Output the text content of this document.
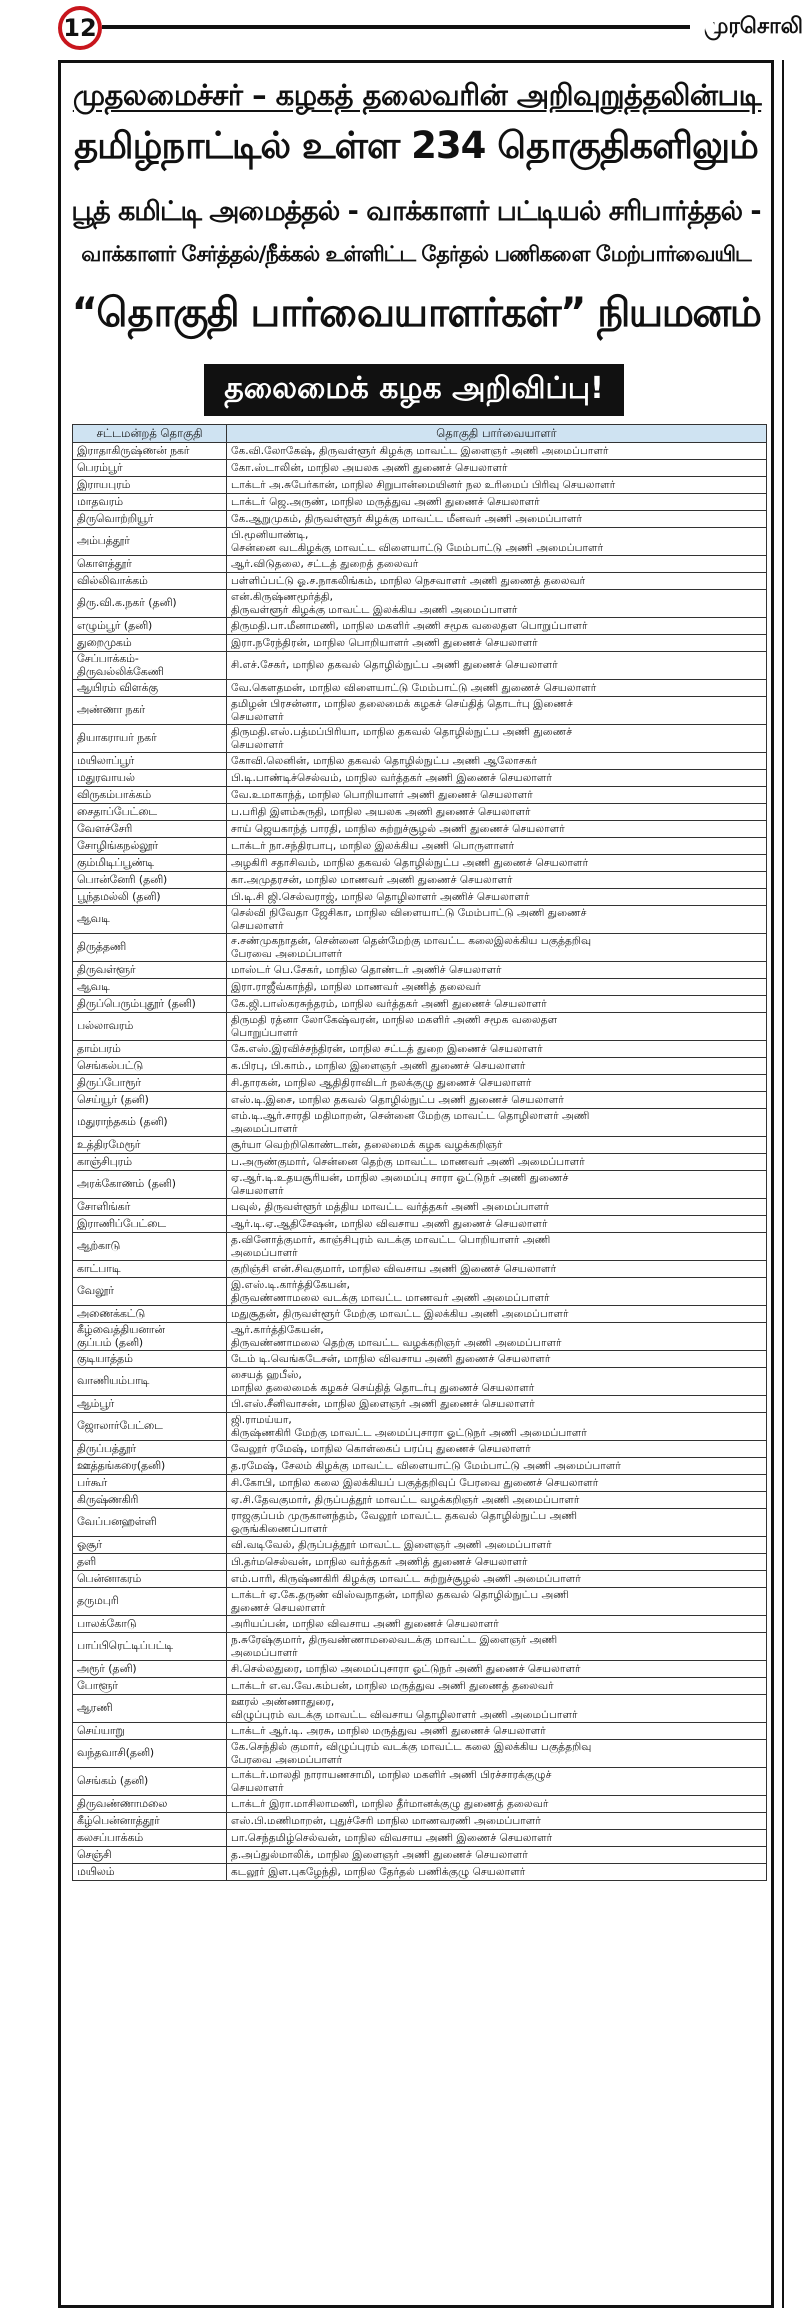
12	முரசொலி
முதலமைச்சர் – கழகத் தலைவரின் அறிவுறுத்தலின்படி
தமிழ்நாட்டில் உள்ள 234 தொகுதிகளிலும்
பூத் கமிட்டி அமைத்தல் - வாக்காளர் பட்டியல் சரிபார்த்தல் -
வாக்காளர் சேர்த்தல்/நீக்கல் உள்ளிட்ட தேர்தல் பணிகளை மேற்பார்வையிட
“தொகுதி பார்வையாளர்கள்” நியமனம்
தலைமைக் கழக அறிவிப்பு!
சட்டமன்றத் தொகுதி	தொகுதி பார்வையாளர்
இராதாகிருஷ்ணன் நகர்	கே.வி.லோகேஷ், திருவள்ளூர் கிழக்கு மாவட்ட இளைஞர் அணி அமைப்பாளர்
பெரம்பூர்	கோ.ஸ்டாலின், மாநில அயலக அணி துணைச் செயலாளர்
இராயபுரம்	டாக்டர் அ.சுபேர்கான், மாநில சிறுபான்மையினர் நல உரிமைப் பிரிவு செயலாளர்
மாதவரம்	டாக்டர் ஜெ.அருண், மாநில மருத்துவ அணி துணைச் செயலாளர்
திருவொற்றியூர்	கே.ஆறுமுகம், திருவள்ளூர் கிழக்கு மாவட்ட மீனவர் அணி அமைப்பாளர்
அம்பத்தூர்	பி.மூனியாண்டி,
சென்னை வடகிழக்கு மாவட்ட விளையாட்டு மேம்பாட்டு அணி அமைப்பாளர்
கொளத்தூர்	ஆர்.விடுதலை, சட்டத் துறைத் தலைவர்
வில்லிவாக்கம்	பள்ளிப்பட்டு ஓ.ச.நாகலிங்கம், மாநில நெசவாளர் அணி துணைத் தலைவர்
திரு.வி.க.நகர் (தனி)	என்.கிருஷ்ணமூர்த்தி,
திருவள்ளூர் கிழக்கு மாவட்ட இலக்கிய அணி அமைப்பாளர்
எழும்பூர் (தனி)	திருமதி.பா.மீனாமணி, மாநில மகளிர் அணி சமூக வலைதள பொறுப்பாளர்
துறைமுகம்	இரா.நரேந்திரன், மாநில பொறியாளர் அணி துணைச் செயலாளர்
சேப்பாக்கம்-
திருவல்லிக்கேணி	சி.எச்.சேகர், மாநில தகவல் தொழில்நுட்ப அணி துணைச் செயலாளர்
ஆயிரம் விளக்கு	வே.கௌதமன், மாநில விளையாட்டு மேம்பாட்டு அணி துணைச் செயலாளர்
அண்ணா நகர்	தமிழன் பிரசன்னா, மாநில தலைமைக் கழகச் செய்தித் தொடர்பு இணைச்
செயலாளர்
தியாகராயர் நகர்	திருமதி.எஸ்.பத்மப்பிரியா, மாநில தகவல் தொழில்நுட்ப அணி துணைச்
செயலாளர்
மயிலாப்பூர்	கோவி.லெனின், மாநில தகவல் தொழில்நுட்ப அணி ஆலோசகர்
மதுரவாயல்	பி.டி.பாண்டிச்செல்வம், மாநில வர்த்தகர் அணி இணைச் செயலாளர்
விருகம்பாக்கம்	வே.உமாகாந்த், மாநில பொறியாளர் அணி துணைச் செயலாளர்
சைதாப்பேட்டை	ப.பரிதி இளம்சுருதி, மாநில அயலக அணி துணைச் செயலாளர்
வேளச்சேரி	சாய் ஜெயகாந்த் பாரதி, மாநில சுற்றுச்சூழல் அணி துணைச் செயலாளர்
சோழிங்கநல்லூர்	டாக்டர் நா.சந்திரபாபு, மாநில இலக்கிய அணி பொருளாளர்
கும்மிடிப்பூண்டி	அழகிரி சதாசிவம், மாநில தகவல் தொழில்நுட்ப அணி துணைச் செயலாளர்
பொன்னேரி (தனி)	கா.அமுதரசன், மாநில மாணவர் அணி துணைச் செயலாளர்
பூந்தமல்லி (தனி)	பி.டி.சி ஜி.செல்வராஜ், மாநில தொழிலாளர் அணிச் செயலாளர்
ஆவடி	செல்வி நிவேதா ஜேசிகா, மாநில விளையாட்டு மேம்பாட்டு அணி துணைச்
செயலாளர்
திருத்தணி	ச.சண்முகநாதன், சென்னை தென்மேற்கு மாவட்ட கலைஇலக்கிய பகுத்தறிவு
பேரவை அமைப்பாளர்
திருவள்ளூர்	மாஸ்டர் பெ.சேகர், மாநில தொண்டர் அணிச் செயலாளர்
ஆவடி	இரா.ராஜீவ்காந்தி, மாநில மாணவர் அணித் தலைவர்
திருப்பெரும்புதூர் (தனி)	கே.ஜி.பாஸ்கரசுந்தரம், மாநில வர்த்தகர் அணி துணைச் செயலாளர்
பல்லாவரம்	திருமதி ரத்னா லோகேஷ்வரன், மாநில மகளிர் அணி சமூக வலைதள
பொறுப்பாளர்
தாம்பரம்	கே.எஸ்.இரவிச்சந்திரன், மாநில சட்டத் துறை இணைச் செயலாளர்
செங்கல்பட்டு	க.பிரபு, பி.காம்., மாநில இளைஞர் அணி துணைச் செயலாளர்
திருப்போரூர்	சி.தாரகன், மாநில ஆதிதிராவிடர் நலக்குழு துணைச் செயலாளர்
செய்யூர் (தனி)	எஸ்.டி.இசை, மாநில தகவல் தொழில்நுட்ப அணி துணைச் செயலாளர்
மதுராந்தகம் (தனி)	எம்.டி.ஆர்.சாரதி மதிமாறன், சென்னை மேற்கு மாவட்ட தொழிலாளர் அணி
அமைப்பாளர்
உத்திரமேரூர்	சூர்யா வெற்றிகொண்டான், தலைமைக் கழக வழக்கறிஞர்
காஞ்சிபுரம்	ப.அருண்குமார், சென்னை தெற்கு மாவட்ட மாணவர் அணி அமைப்பாளர்
அரக்கோணம் (தனி)	ஏ.ஆர்.டி.உதயசூரியன், மாநில அமைப்பு சாரா ஓட்டுநர் அணி துணைச்
செயலாளர்
சோளிங்கர்	பவுல், திருவள்ளூர் மத்திய மாவட்ட வர்த்தகர் அணி அமைப்பாளர்
இராணிப்பேட்டை	ஆர்.டி.ஏ.ஆதிசேஷன், மாநில விவசாய அணி துணைச் செயலாளர்
ஆற்காடு	த.வினோத்குமார், காஞ்சிபுரம் வடக்கு மாவட்ட பொறியாளர் அணி
அமைப்பாளர்
காட்பாடி	குறிஞ்சி என்.சிவகுமார், மாநில விவசாய அணி இணைச் செயலாளர்
வேலூர்	இ.எஸ்.டி.கார்த்திகேயன்,
திருவண்ணாமலை வடக்கு மாவட்ட மாணவர் அணி அமைப்பாளர்
அணைக்கட்டு	மதுசூதன், திருவள்ளூர் மேற்கு மாவட்ட இலக்கிய அணி அமைப்பாளர்
கீழ்வைத்தியனான்
குப்பம் (தனி)	ஆர்.கார்த்திகேயன்,
திருவண்ணாமலை தெற்கு மாவட்ட வழக்கறிஞர் அணி அமைப்பாளர்
குடியாத்தம்	டேம் டி.வெங்கடேசன், மாநில விவசாய அணி துணைச் செயலாளர்
வாணியம்பாடி	சையத் ஹபீஸ்,
மாநில தலைமைக் கழகச் செய்தித் தொடர்பு துணைச் செயலாளர்
ஆம்பூர்	பி.எஸ்.சீனிவாசன், மாநில இளைஞர் அணி துணைச் செயலாளர்
ஜோலார்பேட்டை	ஜி.ராமய்யா,
கிருஷ்ணகிரி மேற்கு மாவட்ட அமைப்புசாரா ஓட்டுநர் அணி அமைப்பாளர்
திருப்பத்தூர்	வேலூர் ரமேஷ், மாநில கொள்கைப் பரப்பு துணைச் செயலாளர்
ஊத்தங்கரை(தனி)	த.ரமேஷ், சேலம் கிழக்கு மாவட்ட விளையாட்டு மேம்பாட்டு அணி அமைப்பாளர்
பர்கூர்	சி.கோபி, மாநில கலை இலக்கியப் பகுத்தறிவுப் பேரவை துணைச் செயலாளர்
கிருஷ்ணகிரி	ஏ.சி.தேவகுமார், திருப்பத்தூர் மாவட்ட வழக்கறிஞர் அணி அமைப்பாளர்
வேப்பனஹள்ளி	ராஜகுப்பம் முருகானந்தம், வேலூர் மாவட்ட தகவல் தொழில்நுட்ப அணி
ஒருங்கிணைப்பாளர்
ஓசூர்	வி.வடிவேல், திருப்பத்தூர் மாவட்ட இளைஞர் அணி அமைப்பாளர்
தளி	பி.தர்மசெல்வன், மாநில வர்த்தகர் அணித் துணைச் செயலாளர்
பென்னாகரம்	எம்.பாரி, கிருஷ்ணகிரி கிழக்கு மாவட்ட சுற்றுச்சூழல் அணி அமைப்பாளர்
தருமபுரி	டாக்டர் ஏ.கே.தருண் விஸ்வநாதன், மாநில தகவல் தொழில்நுட்ப அணி
துணைச் செயலாளர்
பாலக்கோடு	அரியப்பன், மாநில விவசாய அணி துணைச் செயலாளர்
பாப்பிரெட்டிப்பட்டி	ந.சுரேஷ்குமார், திருவண்ணாமலைவடக்கு மாவட்ட இளைஞர் அணி
அமைப்பாளர்
அரூர் (தனி)	சி.செல்லதுரை, மாநில அமைப்புசாரா ஓட்டுநர் அணி துணைச் செயலாளர்
போளூர்	டாக்டர் எ.வ.வே.கம்பன், மாநில மருத்துவ அணி துணைத் தலைவர்
ஆரணி	ஊரல் அண்ணாதுரை,
விழுப்புரம் வடக்கு மாவட்ட விவசாய தொழிலாளர் அணி அமைப்பாளர்
செய்யாறு	டாக்டர் ஆர்.டி. அரசு, மாநில மருத்துவ அணி துணைச் செயலாளர்
வந்தவாசி(தனி)	கே.செந்தில் குமார், விழுப்புரம் வடக்கு மாவட்ட கலை இலக்கிய பகுத்தறிவு
பேரவை அமைப்பாளர்
செங்கம் (தனி)	டாக்டர்.மாலதி நாராயணசாமி, மாநில மகளிர் அணி பிரச்சாரக்குழுச்
செயலாளர்
திருவண்ணாமலை	டாக்டர் இரா.மாசிலாமணி, மாநில தீர்மானக்குழு துணைத் தலைவர்
கீழ்பென்னாத்தூர்	எஸ்.பி.மணிமாறன், புதுச்சேரி மாநில மாணவரணி அமைப்பாளர்
கலசப்பாக்கம்	பா.செந்தமிழ்செல்வன், மாநில விவசாய அணி இணைச் செயலாளர்
செஞ்சி	த.அப்துல்மாலிக், மாநில இளைஞர் அணி துணைச் செயலாளர்
மயிலம்	கடலூர் இள.புகழேந்தி, மாநில தேர்தல் பணிக்குழு செயலாளர்
